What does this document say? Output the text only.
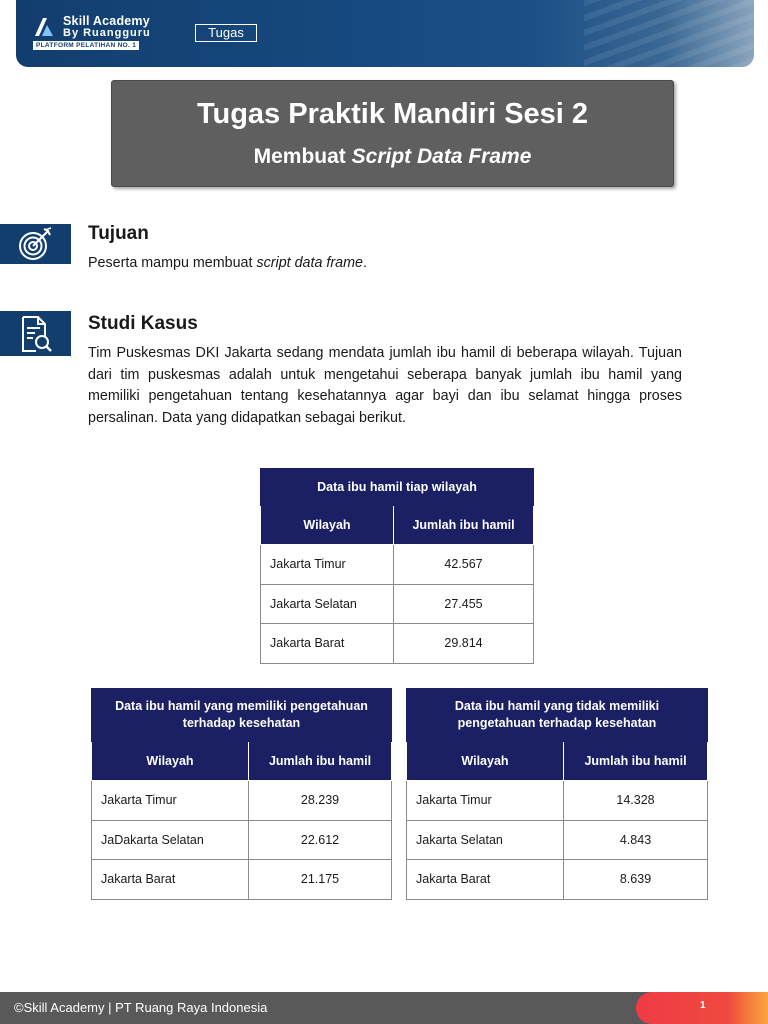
Skill Academy
By Ruangguru
PLATFORM PELATIHAN NO. 1
Tugas
Tugas Praktik Mandiri Sesi 2
Membuat Script Data Frame
Tujuan
Peserta mampu membuat script data frame.
Studi Kasus
Tim Puskesmas DKI Jakarta sedang mendata jumlah ibu hamil di beberapa wilayah. Tujuan dari tim puskesmas adalah untuk mengetahui seberapa banyak jumlah ibu hamil yang memiliki pengetahuan tentang kesehatannya agar bayi dan ibu selamat hingga proses persalinan. Data yang didapatkan sebagai berikut.
Data ibu hamil tiap wilayah	
Wilayah	Jumlah ibu hamil
Jakarta Timur	42.567
Jakarta Selatan	27.455
Jakarta Barat	29.814
Data ibu hamil yang memiliki pengetahuan terhadap kesehatan	
Wilayah	Jumlah ibu hamil
Jakarta Timur	28.239
JaDakarta Selatan	22.612
Jakarta Barat	21.175
Data ibu hamil yang tidak memiliki pengetahuan terhadap kesehatan	
Wilayah	Jumlah ibu hamil
Jakarta Timur	14.328
Jakarta Selatan	4.843
Jakarta Barat	8.639
©Skill Academy | PT Ruang Raya Indonesia	1
